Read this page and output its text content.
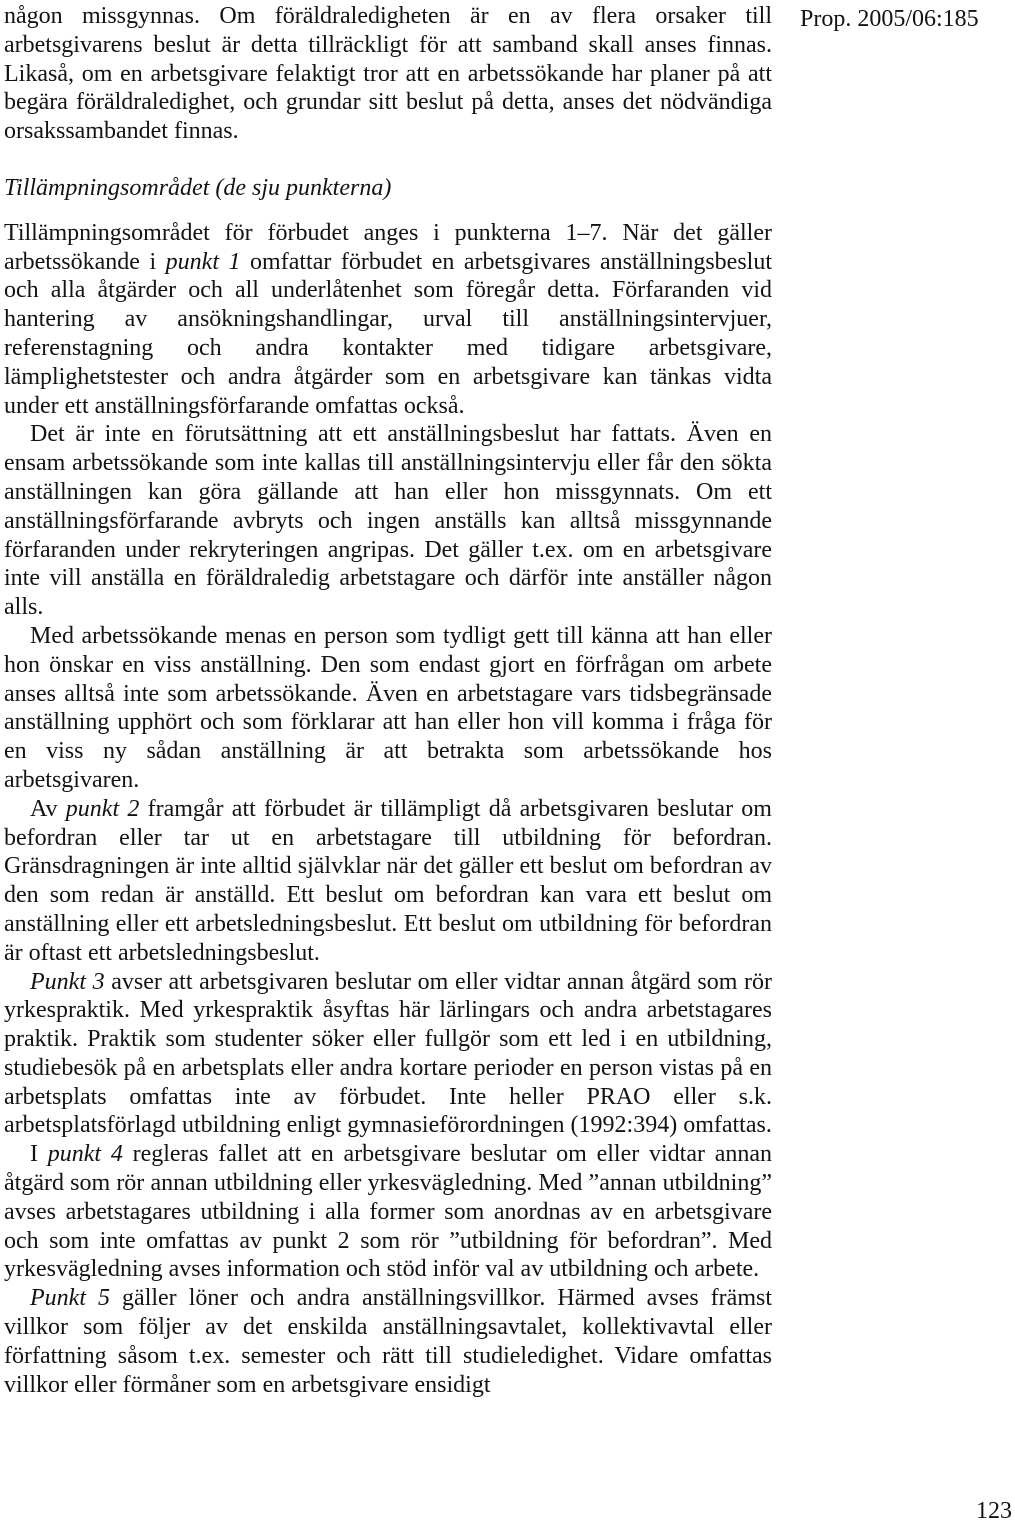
någon missgynnas. Om föräldraledigheten är en av flera orsaker till arbetsgivarens beslut är detta tillräckligt för att samband skall anses finnas. Likaså, om en arbetsgivare felaktigt tror att en arbetssökande har planer på att begära föräldraledighet, och grundar sitt beslut på detta, anses det nödvändiga orsakssambandet finnas.

Tillämpningsområdet (de sju punkterna)

Tillämpningsområdet för förbudet anges i punkterna 1–7. När det gäller arbetssökande i punkt 1 omfattar förbudet en arbetsgivares anställningsbeslut och alla åtgärder och all underlåtenhet som föregår detta. Förfaranden vid hantering av ansökningshandlingar, urval till anställningsintervjuer, referenstagning och andra kontakter med tidigare arbetsgivare, lämplighetstester och andra åtgärder som en arbetsgivare kan tänkas vidta under ett anställningsförfarande omfattas också.

Det är inte en förutsättning att ett anställningsbeslut har fattats. Även en ensam arbetssökande som inte kallas till anställningsintervju eller får den sökta anställningen kan göra gällande att han eller hon missgynnats. Om ett anställningsförfarande avbryts och ingen anställs kan alltså missgynnande förfaranden under rekryteringen angripas. Det gäller t.ex. om en arbetsgivare inte vill anställa en föräldraledig arbetstagare och därför inte anställer någon alls.

Med arbetssökande menas en person som tydligt gett till känna att han eller hon önskar en viss anställning. Den som endast gjort en förfrågan om arbete anses alltså inte som arbetssökande. Även en arbetstagare vars tidsbegränsade anställning upphört och som förklarar att han eller hon vill komma i fråga för en viss ny sådan anställning är att betrakta som arbetssökande hos arbetsgivaren.

Av punkt 2 framgår att förbudet är tillämpligt då arbetsgivaren beslutar om befordran eller tar ut en arbetstagare till utbildning för befordran. Gränsdragningen är inte alltid självklar när det gäller ett beslut om befordran av den som redan är anställd. Ett beslut om befordran kan vara ett beslut om anställning eller ett arbetsledningsbeslut. Ett beslut om utbildning för befordran är oftast ett arbetsledningsbeslut.

Punkt 3 avser att arbetsgivaren beslutar om eller vidtar annan åtgärd som rör yrkespraktik. Med yrkespraktik åsyftas här lärlingars och andra arbetstagares praktik. Praktik som studenter söker eller fullgör som ett led i en utbildning, studiebesök på en arbetsplats eller andra kortare perioder en person vistas på en arbetsplats omfattas inte av förbudet. Inte heller PRAO eller s.k. arbetsplatsförlagd utbildning enligt gymnasieförordningen (1992:394) omfattas.

I punkt 4 regleras fallet att en arbetsgivare beslutar om eller vidtar annan åtgärd som rör annan utbildning eller yrkesvägledning. Med ”annan utbildning” avses arbetstagares utbildning i alla former som anordnas av en arbetsgivare och som inte omfattas av punkt 2 som rör ”utbildning för befordran”. Med yrkesvägledning avses information och stöd inför val av utbildning och arbete.

Punkt 5 gäller löner och andra anställningsvillkor. Härmed avses främst villkor som följer av det enskilda anställningsavtalet, kollektivavtal eller författning såsom t.ex. semester och rätt till studieledighet. Vidare omfattas villkor eller förmåner som en arbetsgivare ensidigt

Prop. 2005/06:185
123
